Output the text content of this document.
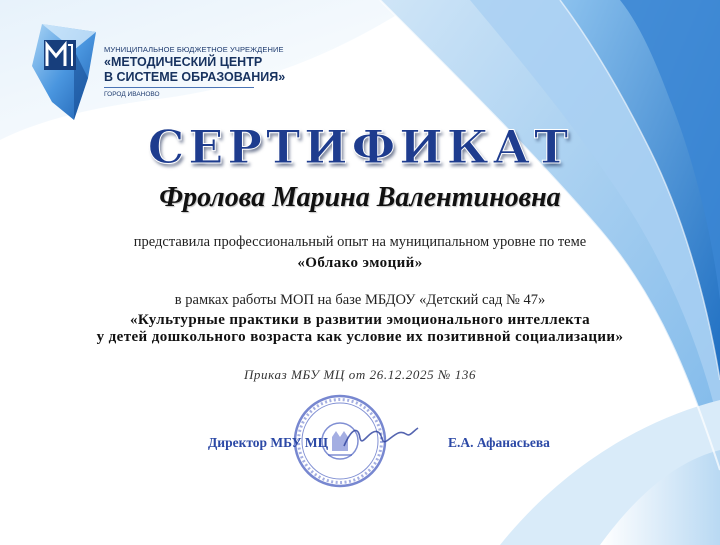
МУНИЦИПАЛЬНОЕ БЮДЖЕТНОЕ УЧРЕЖДЕНИЕ
«МЕТОДИЧЕСКИЙ ЦЕНТР
В СИСТЕМЕ ОБРАЗОВАНИЯ»
ГОРОД ИВАНОВО
СЕРТИФИКАТ
Фролова Марина Валентиновна
представила профессиональный опыт на муниципальном уровне по теме
«Облако эмоций»
в рамках работы МОП на базе МБДОУ «Детский сад № 47»
«Культурные практики в развитии эмоционального интеллекта
у детей дошкольного возраста как условие их позитивной социализации»
Приказ МБУ МЦ от 26.12.2025 № 136
Директор МБУ МЦ	Е.А. Афанасьева
